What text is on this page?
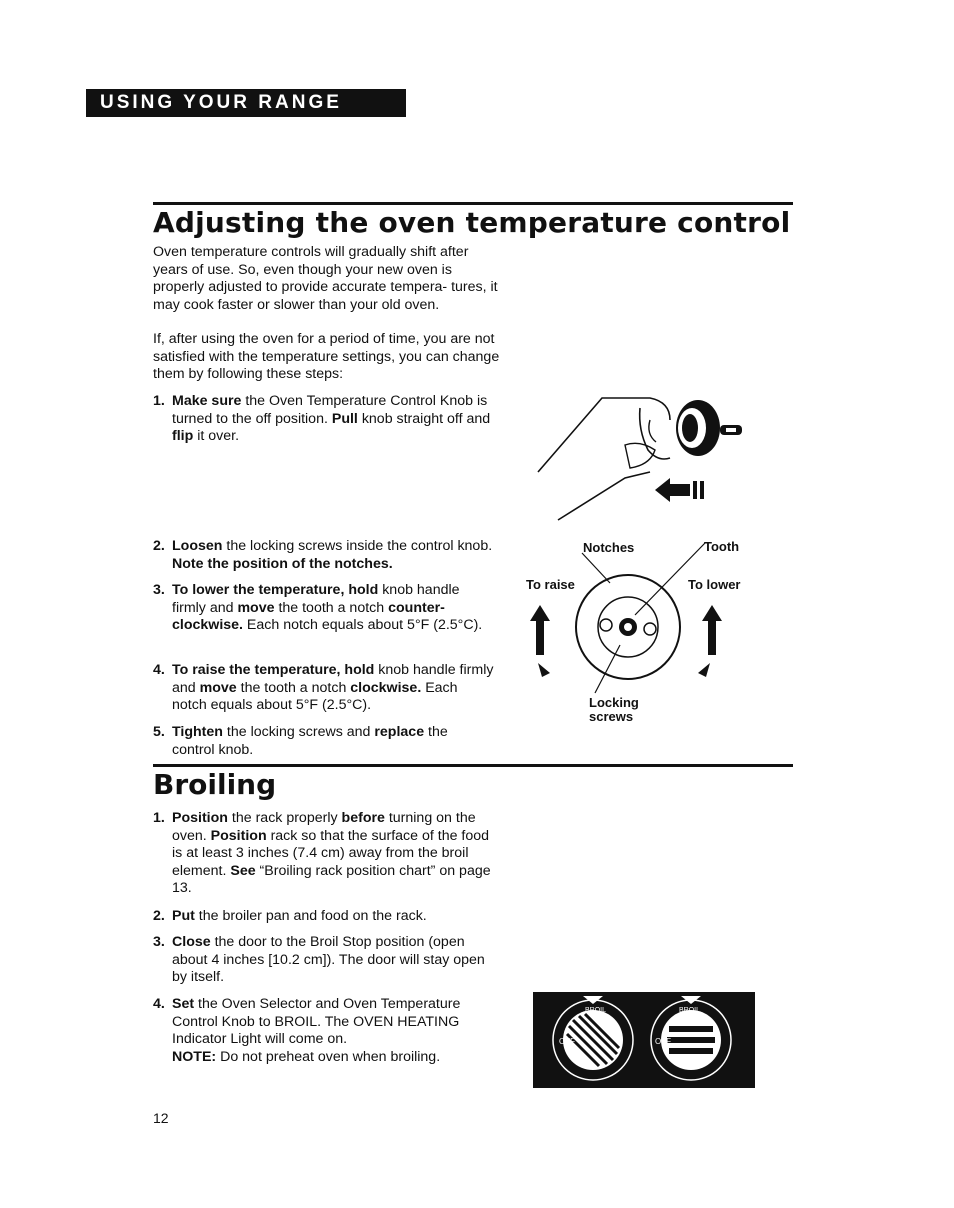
USING YOUR RANGE
Adjusting the oven temperature control

Oven temperature controls will gradually shift after years of use. So, even though your new oven is properly adjusted to provide accurate tempera- tures, it may cook faster or slower than your old oven.

If, after using the oven for a period of time, you are not satisfied with the temperature settings, you can change them by following these steps:

1. Make sure the Oven Temperature Control Knob is turned to the off position. Pull knob straight off and flip it over.

2. Loosen the locking screws inside the control knob. Note the position of the notches.

3. To lower the temperature, hold knob handle firmly and move the tooth a notch counter-clockwise. Each notch equals about 5°F (2.5°C).

4. To raise the temperature, hold knob handle firmly and move the tooth a notch clockwise. Each notch equals about 5°F (2.5°C).

5. Tighten the locking screws and replace the control knob.

Notches	Tooth
To raise	To lower
Locking
screws
Broiling

1. Position the rack properly before turning on the oven. Position rack so that the surface of the food is at least 3 inches (7.4 cm) away from the broil element. See “Broiling rack position chart” on page 13.

2. Put the broiler pan and food on the rack.

3. Close the door to the Broil Stop position (open about 4 inches [10.2 cm]). The door will stay open by itself.

4. Set the Oven Selector and Oven Temperature Control Knob to BROIL. The OVEN HEATING Indicator Light will come on.
NOTE: Do not preheat oven when broiling.

OFF
BROIL
OFF
BROIL
12
